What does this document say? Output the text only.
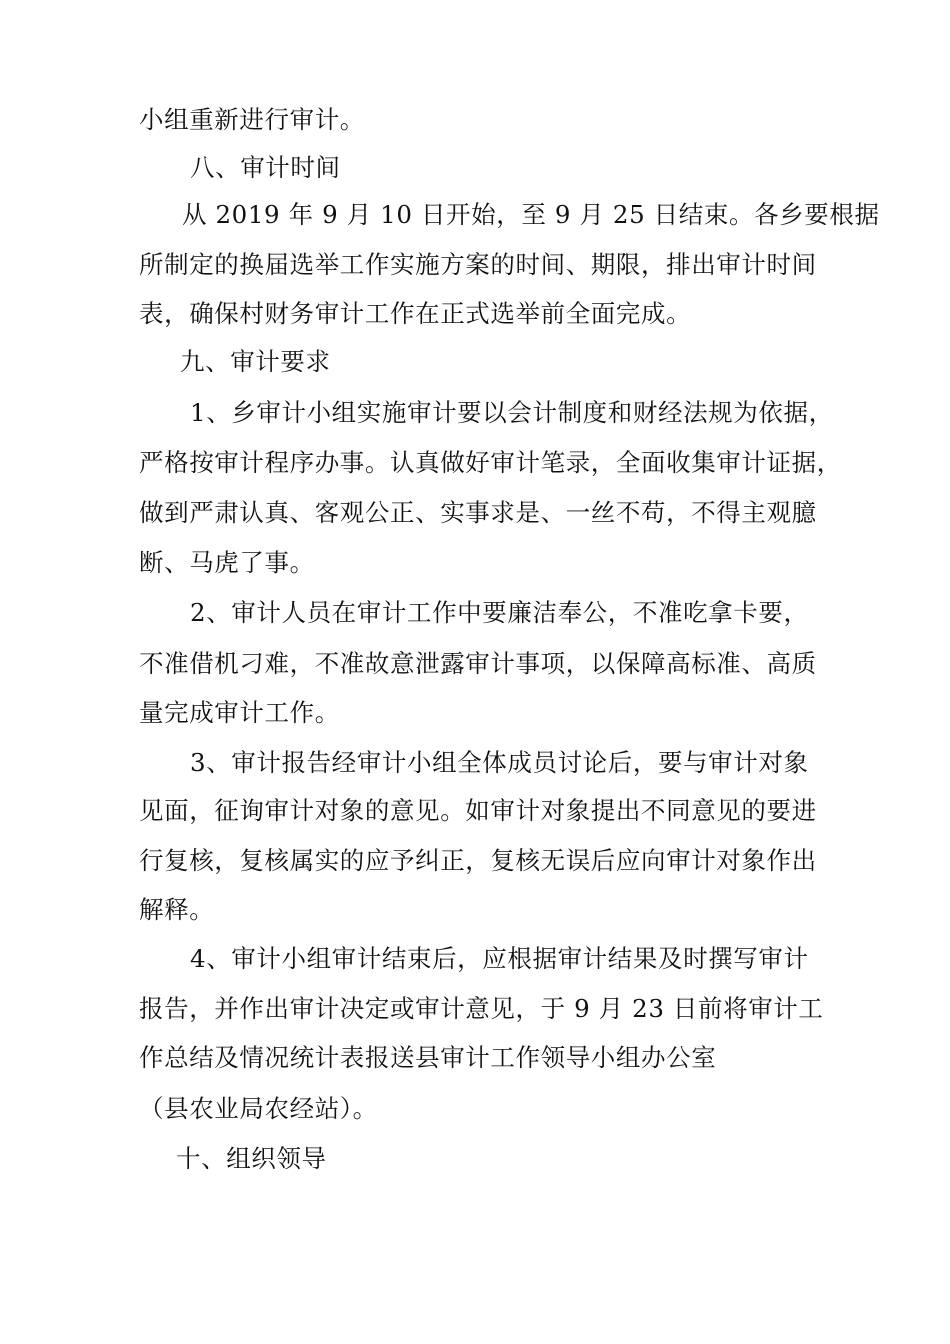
小组重新进行审计。
八、审计时间
从 2019 年 9 月 10 日开始，至 9 月 25 日结束。各乡要根据
所制定的换届选举工作实施方案的时间、期限，排出审计时间
表，确保村财务审计工作在正式选举前全面完成。
九、审计要求
1、乡审计小组实施审计要以会计制度和财经法规为依据，
严格按审计程序办事。认真做好审计笔录，全面收集审计证据，
做到严肃认真、客观公正、实事求是、一丝不苟，不得主观臆
断、马虎了事。
2、审计人员在审计工作中要廉洁奉公，不准吃拿卡要，
不准借机刁难，不准故意泄露审计事项，以保障高标准、高质
量完成审计工作。
3、审计报告经审计小组全体成员讨论后，要与审计对象
见面，征询审计对象的意见。如审计对象提出不同意见的要进
行复核，复核属实的应予纠正，复核无误后应向审计对象作出
解释。
4、审计小组审计结束后，应根据审计结果及时撰写审计
报告，并作出审计决定或审计意见，于 9 月 23 日前将审计工
作总结及情况统计表报送县审计工作领导小组办公室
（县农业局农经站）。
十、组织领导
